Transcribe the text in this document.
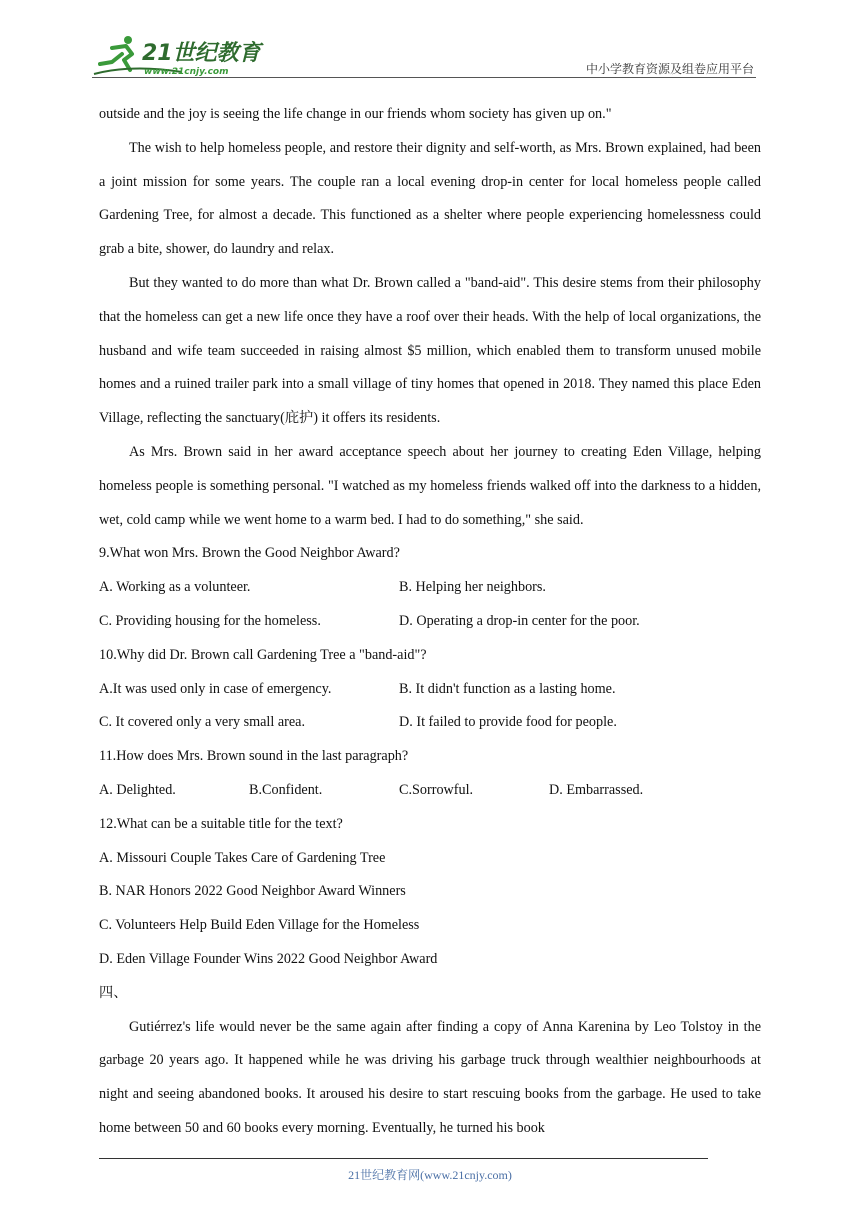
21世纪教育
www.21cnjy.com	中小学教育资源及组卷应用平台

outside and the joy is seeing the life change in our friends whom society has given up on."

The wish to help homeless people, and restore their dignity and self-worth, as Mrs. Brown explained, had been a joint mission for some years. The couple ran a local evening drop-in center for local homeless people called Gardening Tree, for almost a decade. This functioned as a shelter where people experiencing homelessness could grab a bite, shower, do laundry and relax.

But they wanted to do more than what Dr. Brown called a "band-aid". This desire stems from their philosophy that the homeless can get a new life once they have a roof over their heads. With the help of local organizations, the husband and wife team succeeded in raising almost $5 million, which enabled them to transform unused mobile homes and a ruined trailer park into a small village of tiny homes that opened in 2018. They named this place Eden Village, reflecting the sanctuary(庇护) it offers its residents.

As Mrs. Brown said in her award acceptance speech about her journey to creating Eden Village, helping homeless people is something personal. "I watched as my homeless friends walked off into the darkness to a hidden, wet, cold camp while we went home to a warm bed. I had to do something," she said.

9.What won Mrs. Brown the Good Neighbor Award?

A. Working as a volunteer.	B. Helping her neighbors.
C. Providing housing for the homeless.	D. Operating a drop-in center for the poor.

10.Why did Dr. Brown call Gardening Tree a "band-aid"?

A.It was used only in case of emergency.	B. It didn't function as a lasting home.
C. It covered only a very small area.	D. It failed to provide food for people.

11.How does Mrs. Brown sound in the last paragraph?

A. Delighted.	B.Confident.	C.Sorrowful.	D. Embarrassed.

12.What can be a suitable title for the text?

A. Missouri Couple Takes Care of Gardening Tree

B. NAR Honors 2022 Good Neighbor Award Winners

C. Volunteers Help Build Eden Village for the Homeless

D. Eden Village Founder Wins 2022 Good Neighbor Award

四、

Gutiérrez's life would never be the same again after finding a copy of Anna Karenina by Leo Tolstoy in the garbage 20 years ago. It happened while he was driving his garbage truck through wealthier neighbourhoods at night and seeing abandoned books. It aroused his desire to start rescuing books from the garbage. He used to take home between 50 and 60 books every morning. Eventually, he turned his book

21世纪教育网(www.21cnjy.com)
